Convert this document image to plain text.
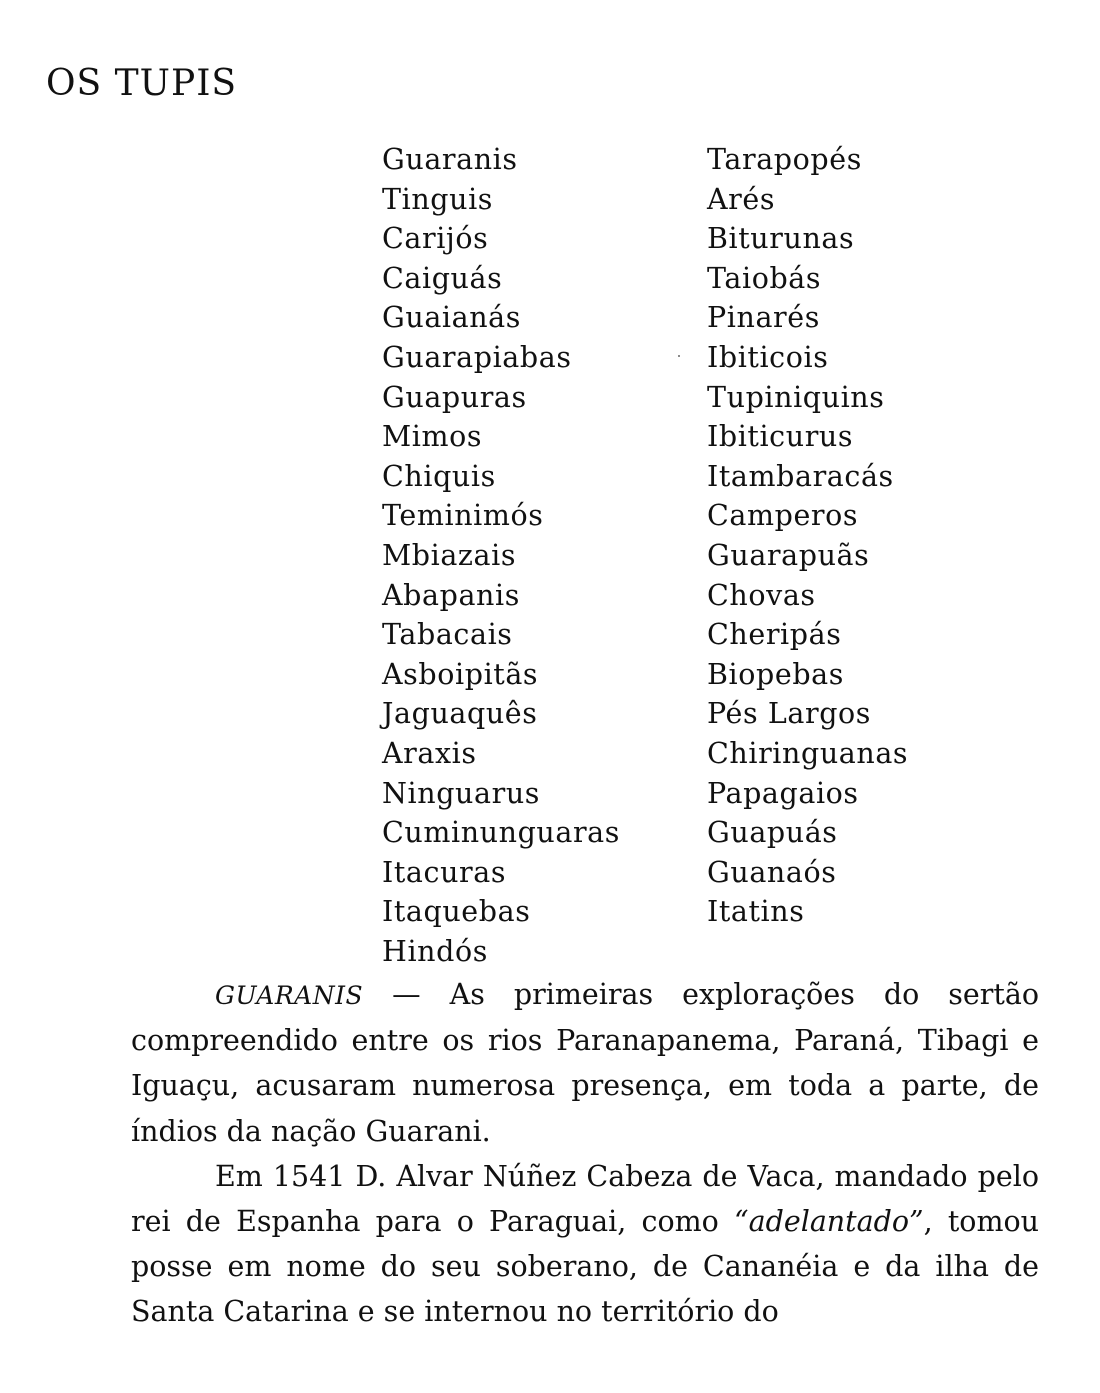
OS TUPIS
Guaranis
Tinguis
Carijós
Caiguás
Guaianás
Guarapiabas
Guapuras
Mimos
Chiquis
Teminimós
Mbiazais
Abapanis
Tabacais
Asboipitãs
Jaguaquês
Araxis
Ninguarus
Cuminunguaras
Itacuras
Itaquebas
Hindós
Tarapopés
Arés
Biturunas
Taiobás
Pinarés
Ibiticois
Tupiniquins
Ibiticurus
Itambaracás
Camperos
Guarapuãs
Chovas
Cheripás
Biopebas
Pés Largos
Chiringuanas
Papagaios
Guapuás
Guanaós
Itatins

GUARANIS — As primeiras explorações do sertão compreendido entre os rios Paranapanema, Paraná, Tibagi e Iguaçu, acusaram numerosa presença, em toda a parte, de índios da nação Guarani.

Em 1541 D. Alvar Núñez Cabeza de Vaca, mandado pelo rei de Espanha para o Paraguai, como “adelantado”, tomou posse em nome do seu soberano, de Cananéia e da ilha de Santa Catarina e se internou no território do
